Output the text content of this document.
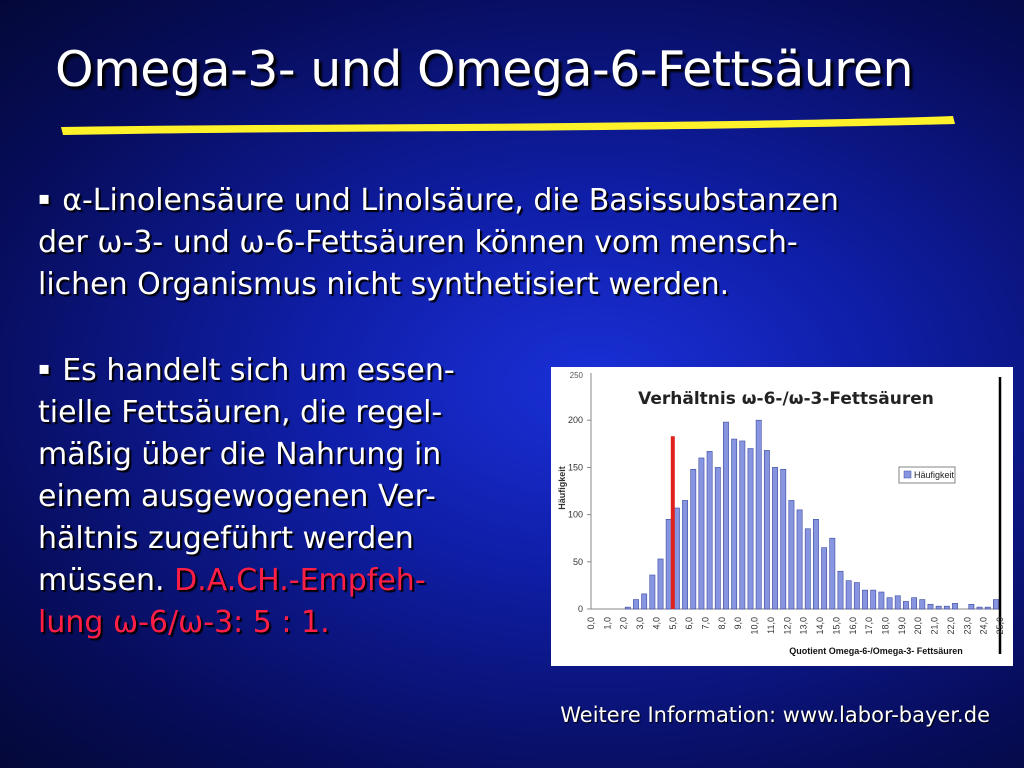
Omega-3- und Omega-6-Fettsäuren

▪ α-Linolensäure und Linolsäure, die Basissubstanzen
der ω-3- und ω-6-Fettsäuren können vom mensch-
lichen Organismus nicht synthetisiert werden.

▪ Es handelt sich um essen-
tielle Fettsäuren, die regel-
mäßig über die Nahrung in
einem ausgewogenen Ver-
hältnis zugeführt werden
müssen. D.A.CH.-Empfeh-
lung ω-6/ω-3: 5 : 1.	0
50
100
150
200
250
Häufigkeit
0,0 1,0 2,0 3,0 4,0 5,0 6,0 7,0 8,0 9,0 10,0 11,0 12,0 13,0 14,0 15,0 16,0 17,0 18,0 19,0 20,0 21,0 22,0 23,0 24,0 25,0
Quotient Omega-6-/Omega-3- Fettsäuren
Verhältnis ω-6-/ω-3-Fettsäuren
Häufigkeit

Weitere Information: www.labor-bayer.de
